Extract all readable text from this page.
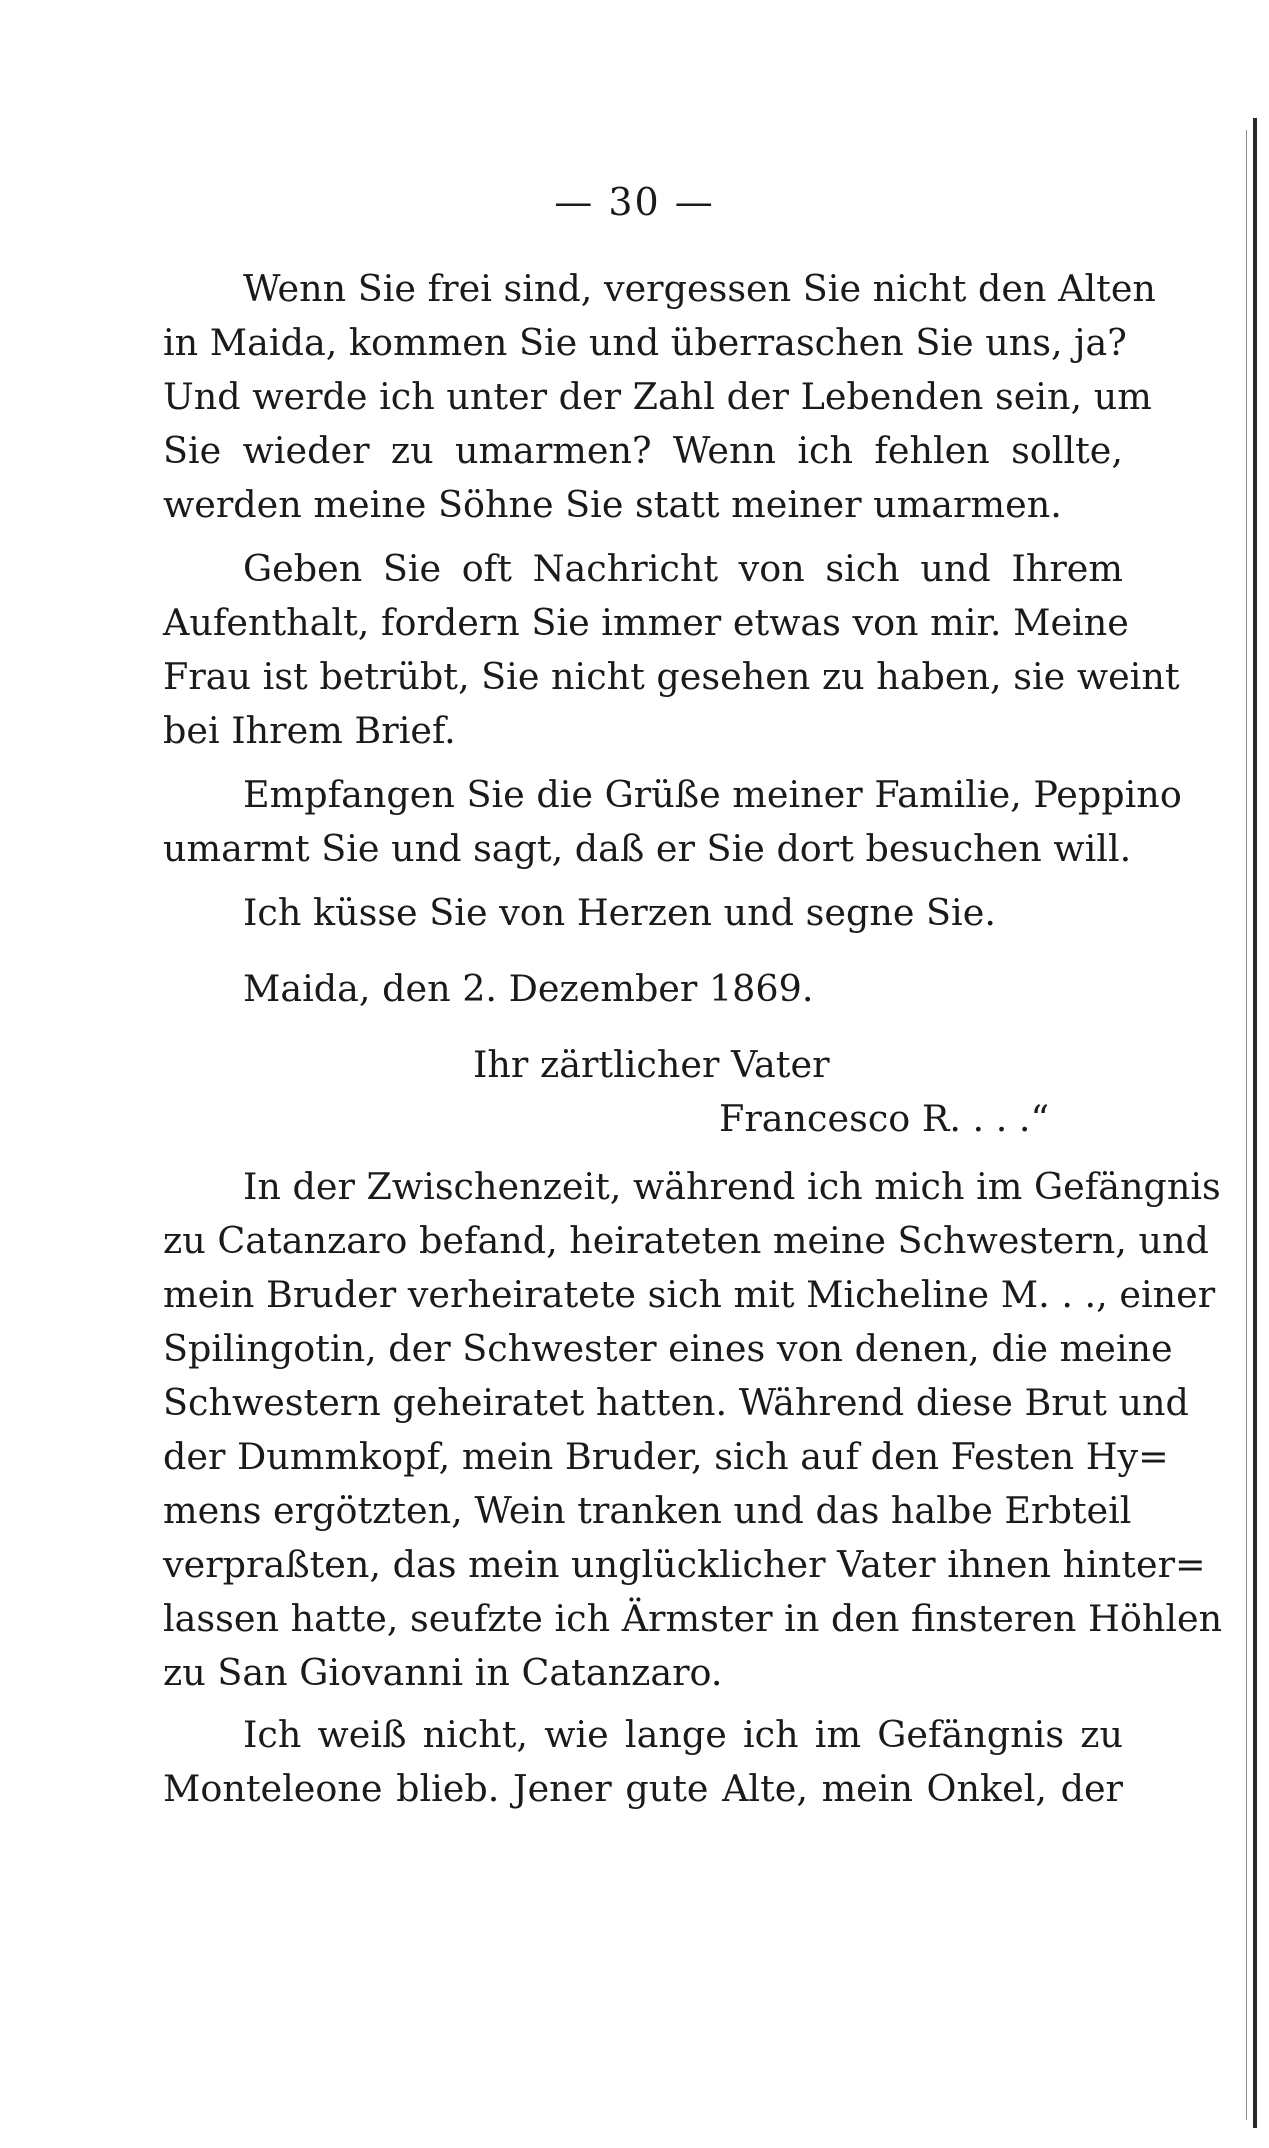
— 30 —
Wenn Sie frei sind, vergessen Sie nicht den Alten
in Maida, kommen Sie und überraschen Sie uns, ja?
Und werde ich unter der Zahl der Lebenden sein, um
Sie wieder zu umarmen? Wenn ich fehlen sollte,
werden meine Söhne Sie statt meiner umarmen.
Geben Sie oft Nachricht von sich und Ihrem
Aufenthalt, fordern Sie immer etwas von mir. Meine
Frau ist betrübt, Sie nicht gesehen zu haben, sie weint
bei Ihrem Brief.
Empfangen Sie die Grüße meiner Familie, Peppino
umarmt Sie und sagt, daß er Sie dort besuchen will.
Ich küsse Sie von Herzen und segne Sie.
Maida, den 2. Dezember 1869.
Ihr zärtlicher Vater
Francesco R. . . .“
In der Zwischenzeit, während ich mich im Gefängnis
zu Catanzaro befand, heirateten meine Schwestern, und
mein Bruder verheiratete sich mit Micheline M. . ., einer
Spilingotin, der Schwester eines von denen, die meine
Schwestern geheiratet hatten. Während diese Brut und
der Dummkopf, mein Bruder, sich auf den Festen Hy=
mens ergötzten, Wein tranken und das halbe Erbteil
verpraßten, das mein unglücklicher Vater ihnen hinter=
lassen hatte, seufzte ich Ärmster in den finsteren Höhlen
zu San Giovanni in Catanzaro.
Ich weiß nicht, wie lange ich im Gefängnis zu
Monteleone blieb. Jener gute Alte, mein Onkel, der
